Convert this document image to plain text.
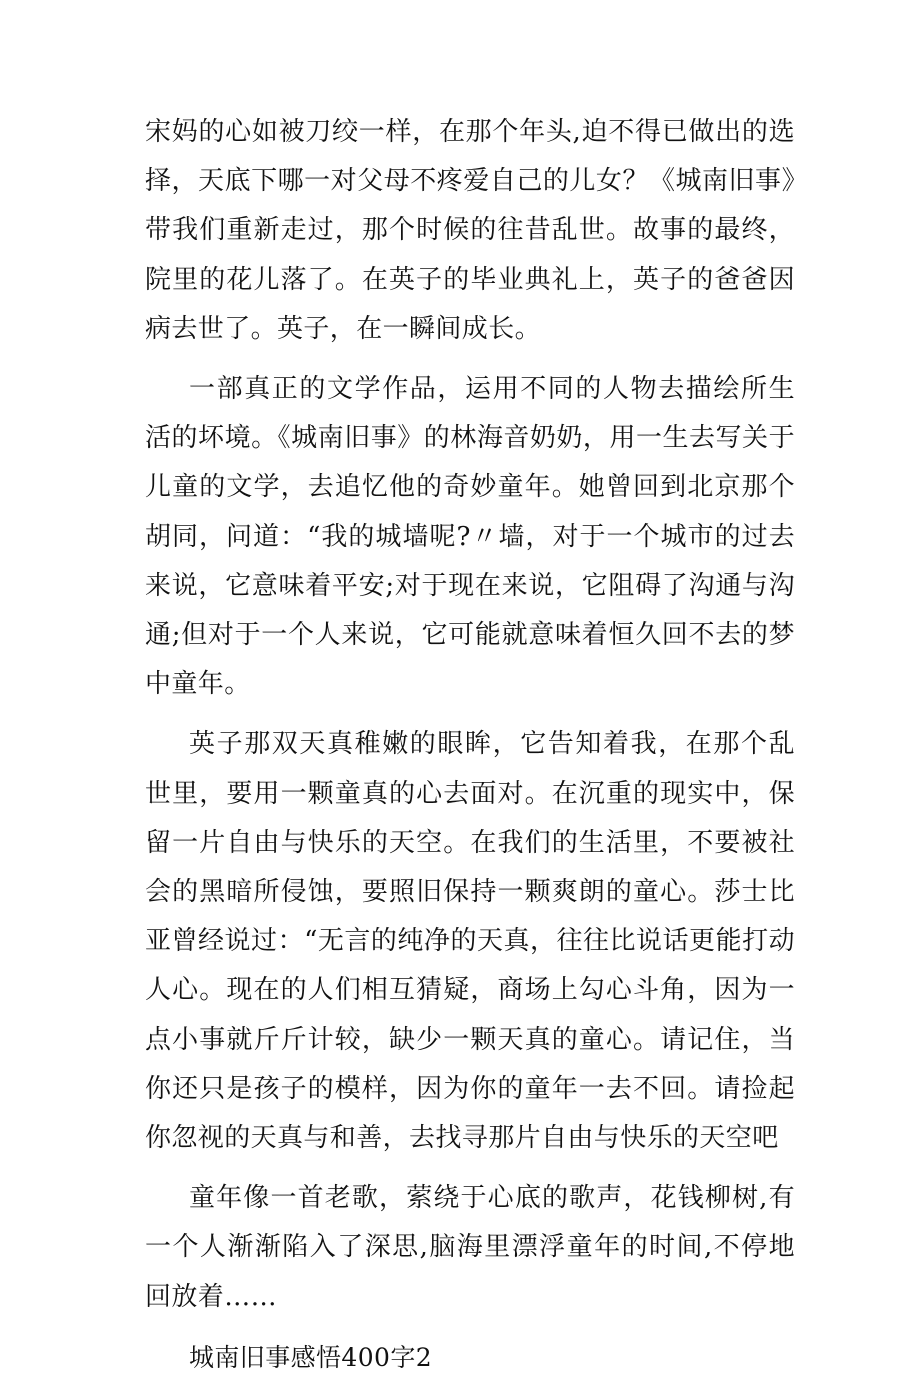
宋妈的心如被刀绞一样，在那个年头,迫不得已做出的选择，天底下哪一对父母不疼爱自己的儿女？《城南旧事》带我们重新走过，那个时候的往昔乱世。故事的最终，院里的花儿落了。在英子的毕业典礼上，英子的爸爸因病去世了。英子，在一瞬间成长。

一部真正的文学作品，运用不同的人物去描绘所生活的坏境。《城南旧事》的林海音奶奶，用一生去写关于儿童的文学，去追忆他的奇妙童年。她曾回到北京那个胡同，问道：“我的城墙呢?〃墙，对于一个城市的过去来说，它意味着平安;对于现在来说，它阻碍了沟通与沟通;但对于一个人来说，它可能就意味着恒久回不去的梦中童年。

英子那双天真稚嫩的眼眸，它告知着我，在那个乱世里，要用一颗童真的心去面对。在沉重的现实中，保留一片自由与快乐的天空。在我们的生活里，不要被社会的黑暗所侵蚀，要照旧保持一颗爽朗的童心。莎士比亚曾经说过：“无言的纯净的天真，往往比说话更能打动人心。现在的人们相互猜疑，商场上勾心斗角，因为一点小事就斤斤计较，缺少一颗天真的童心。请记住，当你还只是孩子的模样，因为你的童年一去不回。请捡起你忽视的天真与和善，去找寻那片自由与快乐的天空吧

童年像一首老歌，萦绕于心底的歌声，花钱柳树,有一个人渐渐陷入了深思,脑海里漂浮童年的时间,不停地回放着……

城南旧事感悟400字2
